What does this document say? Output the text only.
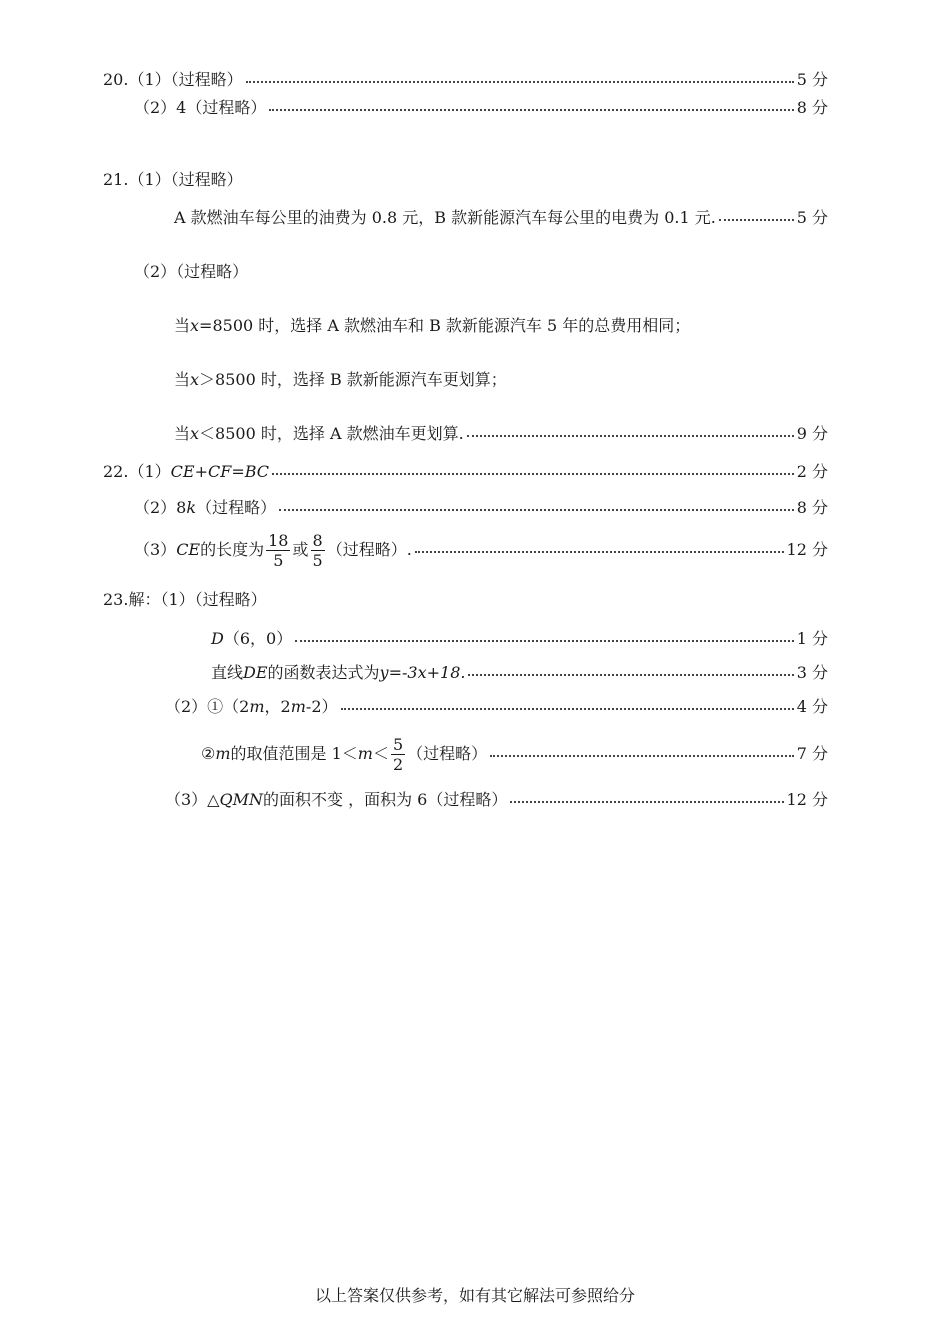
20.（1）（过程略）	5 分
（2）4（过程略）	8 分
21.（1）（过程略）
A 款燃油车每公里的油费为 0.8 元，B 款新能源汽车每公里的电费为 0.1 元.	5 分
（2）（过程略）
当 x =8500 时，选择 A 款燃油车和 B 款新能源汽车 5 年的总费用相同；
当 x ＞8500 时，选择 B 款新能源汽车更划算；
当 x ＜8500 时，选择 A 款燃油车更划算.	9 分
22.（1） CE+CF=BC	2 分
（2）8 k （过程略）	8 分
（3） CE 的长度为 $\frac{18}{5}$ 或 $\frac{8}{5}$ （过程略）.	12 分
23.解：（1）（过程略）
D （6，0）	1 分
直线 DE 的函数表达式为 y=-3x+18.	3 分
（2）①（2 m ，2 m -2）	4 分
② m 的取值范围是 $1< m < \frac{5}{2}$ （过程略）	7 分
（3）△ QMN 的面积不变 ，面积为 6（过程略）	12 分
以上答案仅供参考，如有其它解法可参照给分
